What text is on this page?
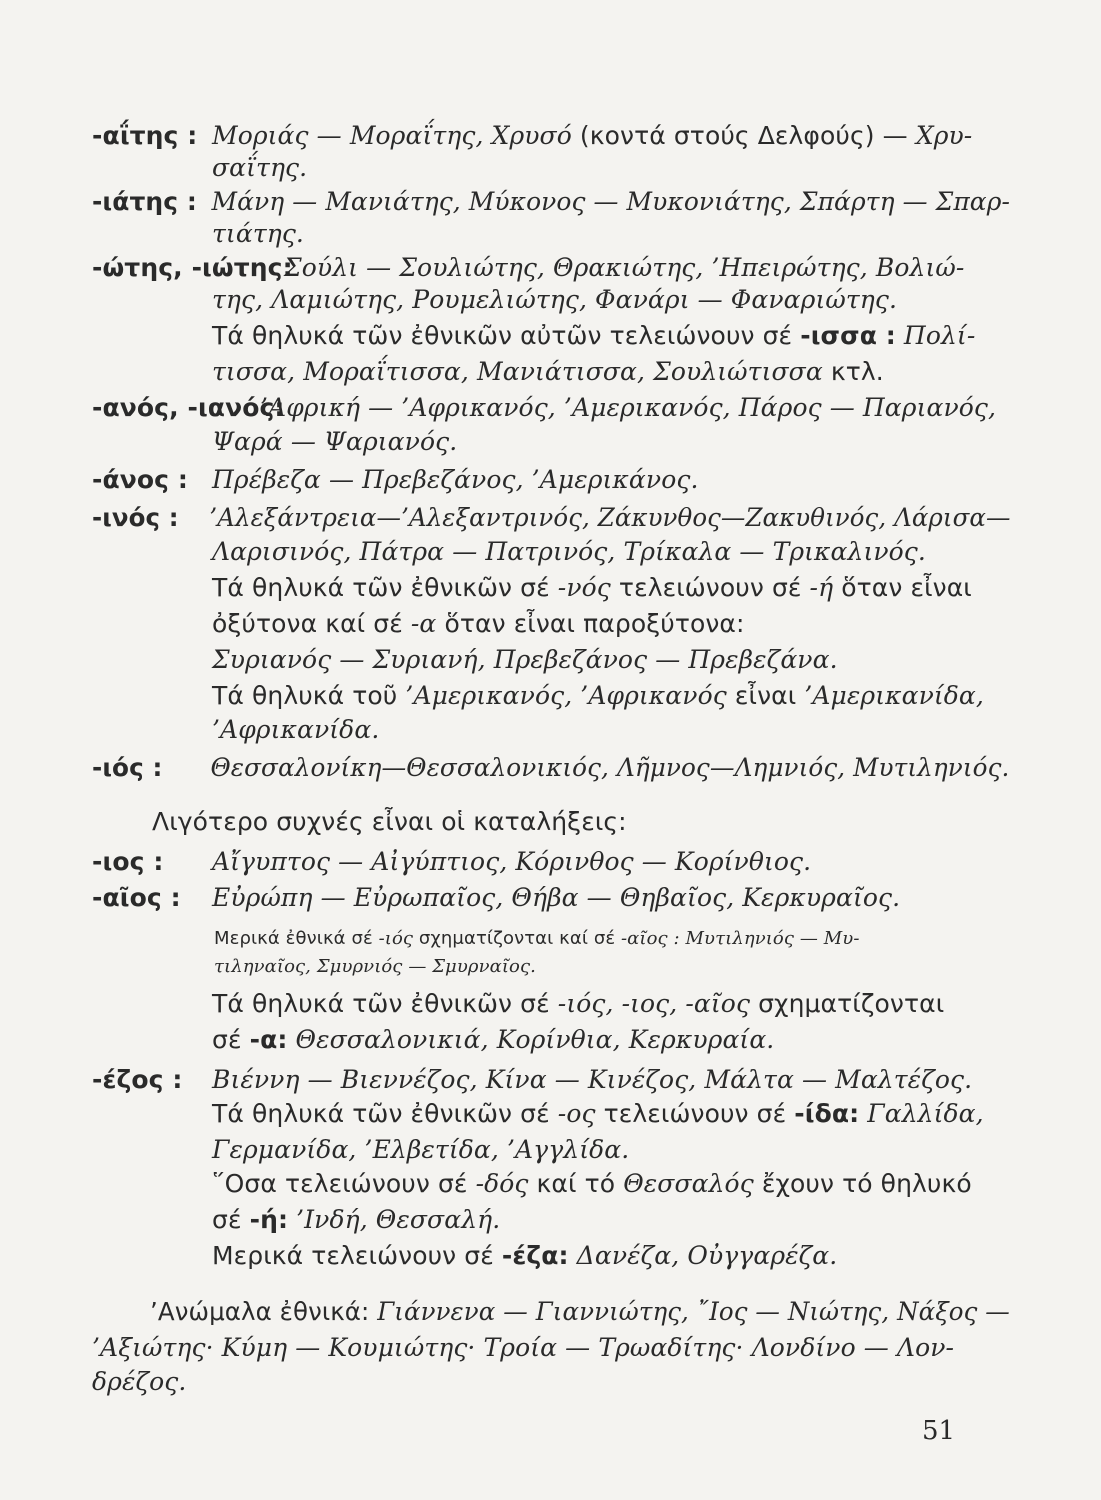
-αΐτης : Μοριάς — Μοραΐτης, Χρυσό (κοντά στούς Δελφούς) — Χρυ-
σαΐτης.
-ιάτης : Μάνη — Μανιάτης, Μύκονος — Μυκονιάτης, Σπάρτη — Σπαρ-
τιάτης.
-ώτης, -ιώτης:Σούλι — Σουλιώτης, Θρακιώτης, ’Ηπειρώτης, Βολιώ-
της, Λαμιώτης, Ρουμελιώτης, Φανάρι — Φαναριώτης.
Τά θηλυκά τῶν ἐθνικῶν αὐτῶν τελειώνουν σέ -ισσα : Πολί-
τισσα, Μοραΐτισσα, Μανιάτισσα, Σουλιώτισσα κτλ.
-ανός, -ιανός:’Αφρική — ’Αφρικανός, ’Αμερικανός, Πάρος — Παριανός,
Ψαρά — Ψαριανός.
-άνος : Πρέβεζα — Πρεβεζάνος, ’Αμερικάνος.
-ινός : ’Αλεξάντρεια—’Αλεξαντρινός, Ζάκυνθος—Ζακυθινός, Λάρισα—
Λαρισινός, Πάτρα — Πατρινός, Τρίκαλα — Τρικαλινός.
Τά θηλυκά τῶν ἐθνικῶν σέ -νός τελειώνουν σέ -ή ὅταν εἶναι
ὀξύτονα καί σέ -α ὅταν εἶναι παροξύτονα:
Συριανός — Συριανή, Πρεβεζάνος — Πρεβεζάνα.
Τά θηλυκά τοῦ ’Αμερικανός, ’Αφρικανός εἶναι ’Αμερικανίδα,
’Αφρικανίδα.
-ιός : Θεσσαλονίκη—Θεσσαλονικιός, Λῆμνος—Λημνιός, Μυτιληνιός.
Λιγότερο συχνές εἶναι οἱ καταλήξεις:
-ιος : Αἴγυπτος — Αἰγύπτιος, Κόρινθος — Κορίνθιος.
-αῖος : Εὐρώπη — Εὐρωπαῖος, Θήβα — Θηβαῖος, Κερκυραῖος.
Μερικά ἐθνικά σέ -ιός σχηματίζονται καί σέ -αῖος : Μυτιληνιός — Μυ-
τιληναῖος, Σμυρνιός — Σμυρναῖος.
Τά θηλυκά τῶν ἐθνικῶν σέ -ιός, -ιος, -αῖος σχηματίζονται
σέ -α: Θεσσαλονικιά, Κορίνθια, Κερκυραία.
-έζος : Βιέννη — Βιεννέζος, Κίνα — Κινέζος, Μάλτα — Μαλτέζος.
Τά θηλυκά τῶν ἐθνικῶν σέ -ος τελειώνουν σέ -ίδα: Γαλλίδα,
Γερμανίδα, ’Ελβετίδα, ’Αγγλίδα.
῞Οσα τελειώνουν σέ -δός καί τό Θεσσαλός ἔχουν τό θηλυκό
σέ -ή: ’Ινδή, Θεσσαλή.
Μερικά τελειώνουν σέ -έζα: Δανέζα, Οὐγγαρέζα.
’Ανώμαλα ἐθνικά: Γιάννενα — Γιαννιώτης, ῎Ιος — Νιώτης, Νάξος —
’Αξιώτης· Κύμη — Κουμιώτης· Τροία — Τρωαδίτης· Λονδίνο — Λον-
δρέζος.
51
